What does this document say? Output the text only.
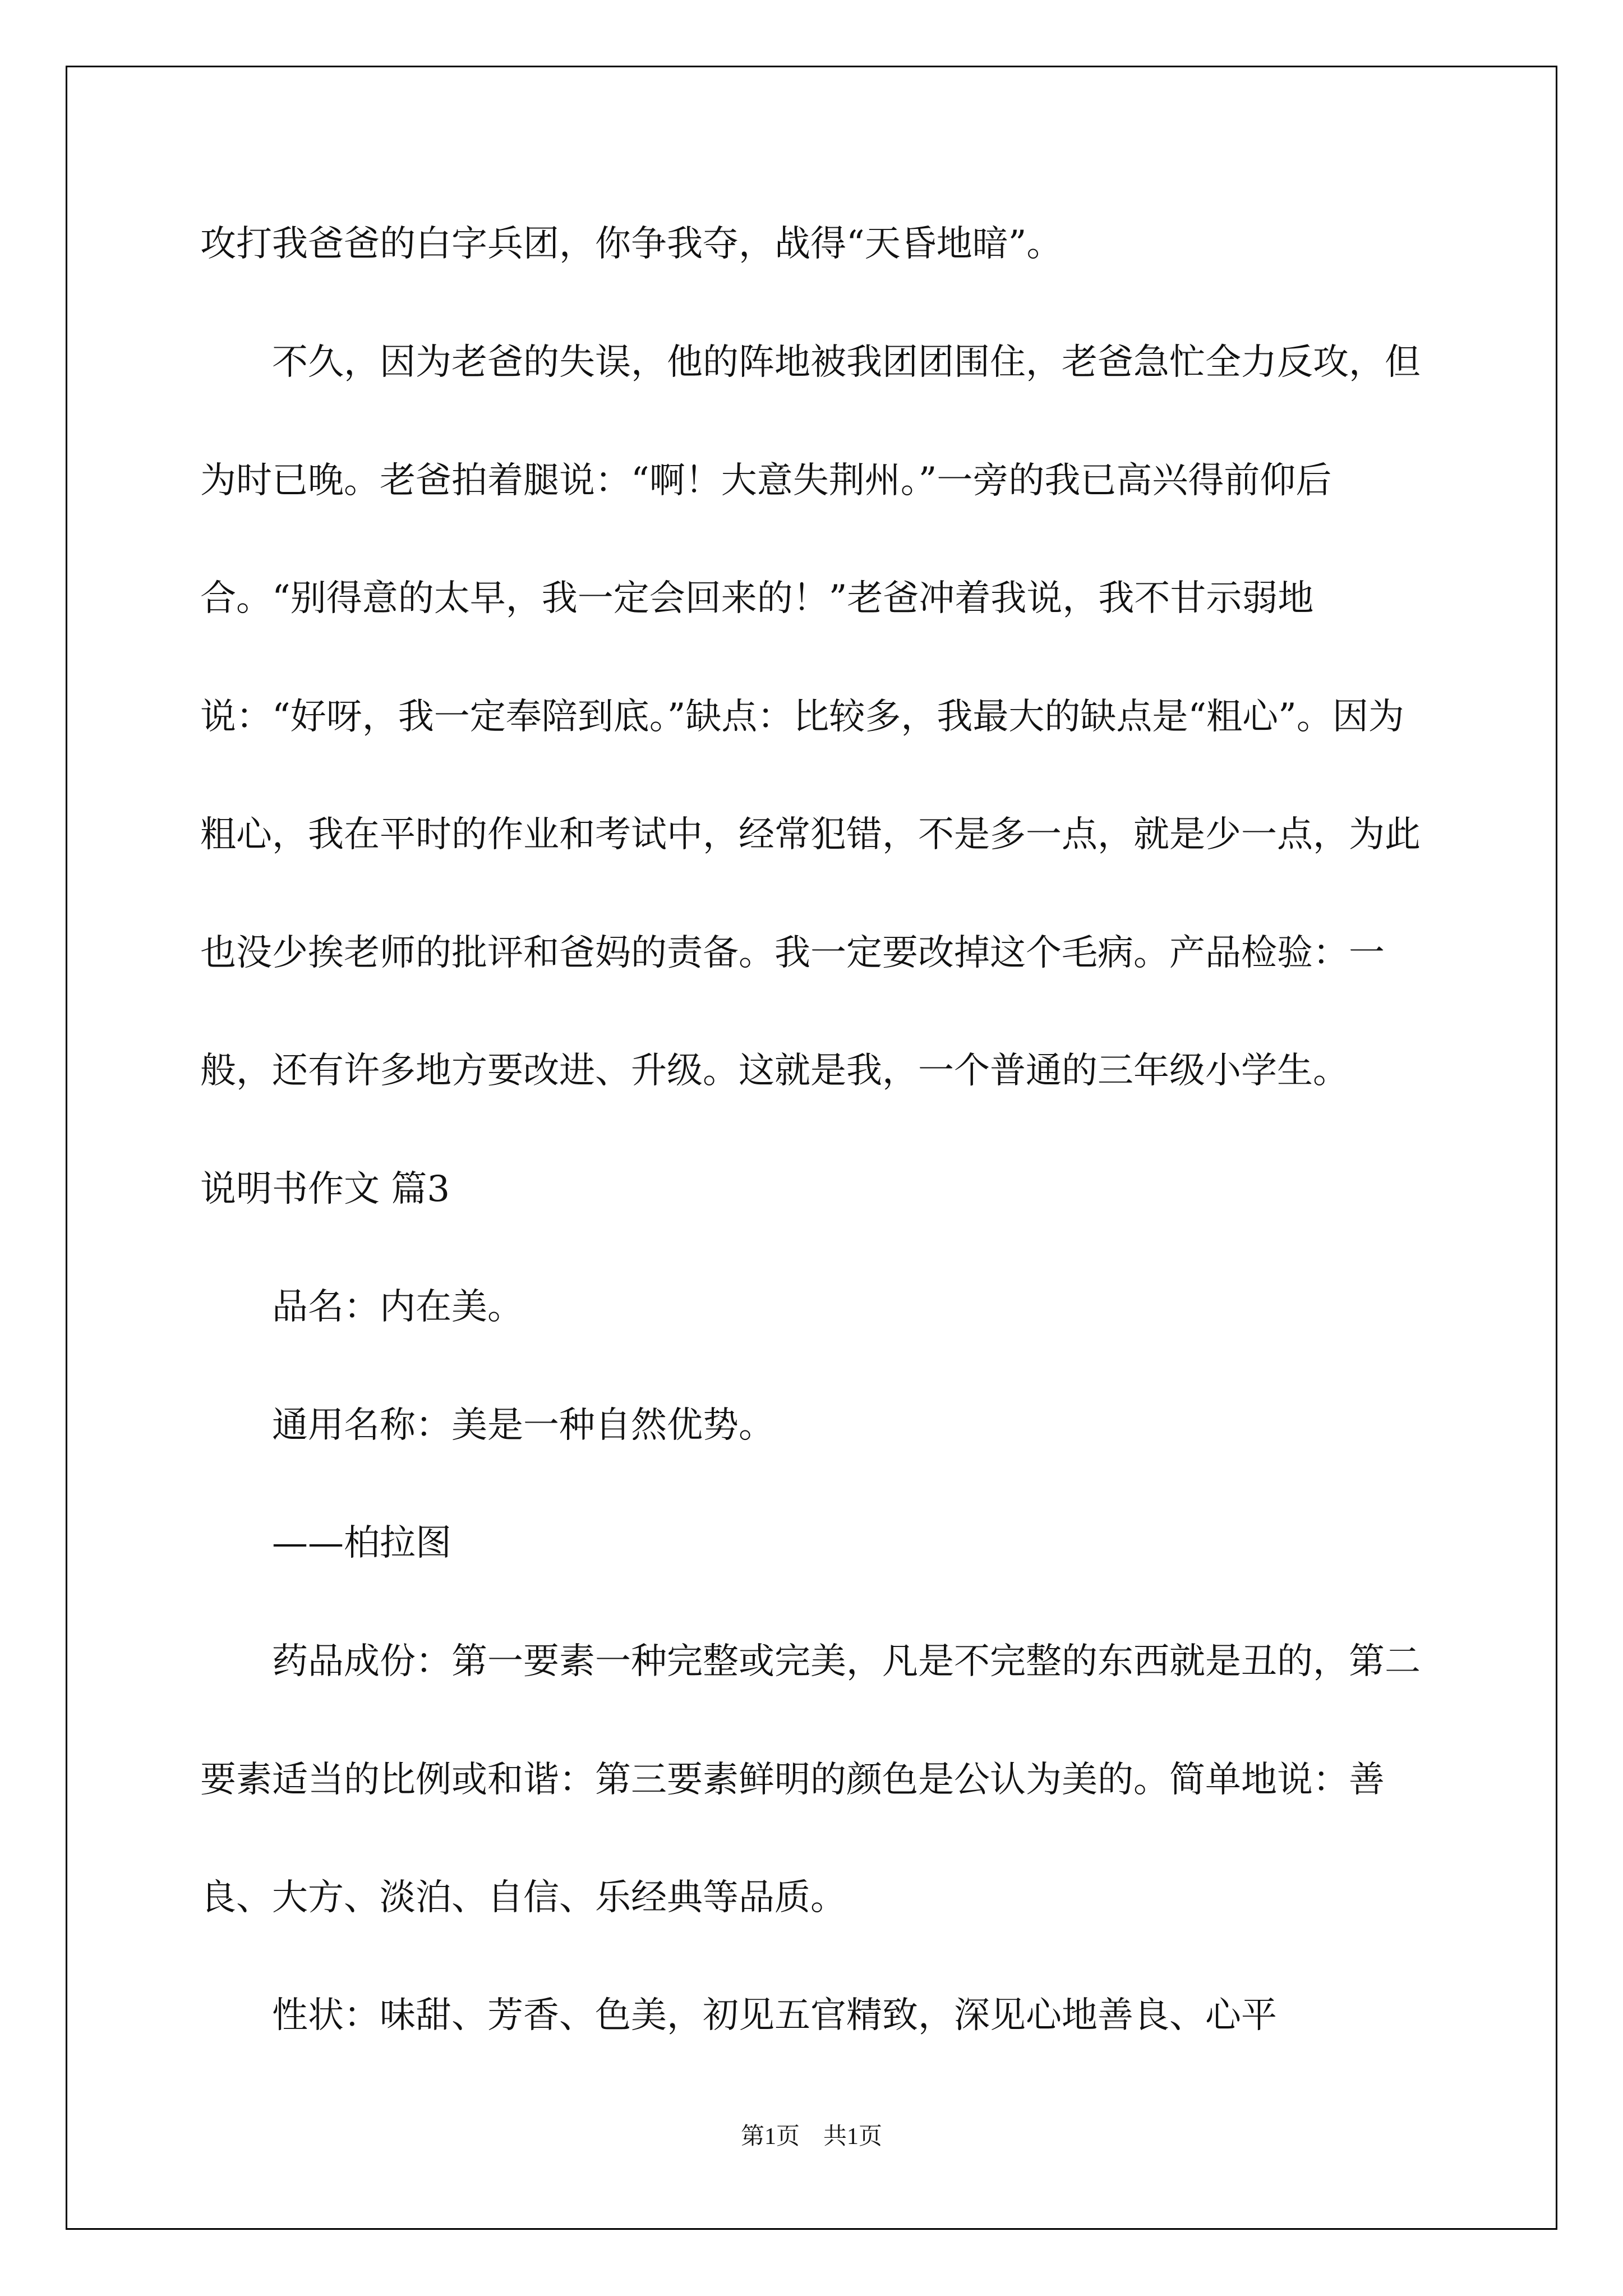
攻打我爸爸的白字兵团，你争我夺，战得“天昏地暗”。

　　不久，因为老爸的失误，他的阵地被我团团围住，老爸急忙全力反攻，但为时已晚。老爸拍着腿说：“啊！大意失荆州。”一旁的我已高兴得前仰后合。“别得意的太早，我一定会回来的！”老爸冲着我说，我不甘示弱地说：“好呀，我一定奉陪到底。”缺点：比较多，我最大的缺点是“粗心”。因为粗心，我在平时的作业和考试中，经常犯错，不是多一点，就是少一点，为此也没少挨老师的批评和爸妈的责备。我一定要改掉这个毛病。产品检验：一般，还有许多地方要改进、升级。这就是我，一个普通的三年级小学生。

说明书作文 篇3

　　品名：内在美。

　　通用名称：美是一种自然优势。

　　——柏拉图

　　药品成份：第一要素一种完整或完美，凡是不完整的东西就是丑的，第二要素适当的比例或和谐：第三要素鲜明的颜色是公认为美的。简单地说：善良、大方、淡泊、自信、乐经典等品质。

　　性状：味甜、芳香、色美，初见五官精致，深见心地善良、心平

第1页　共1页
